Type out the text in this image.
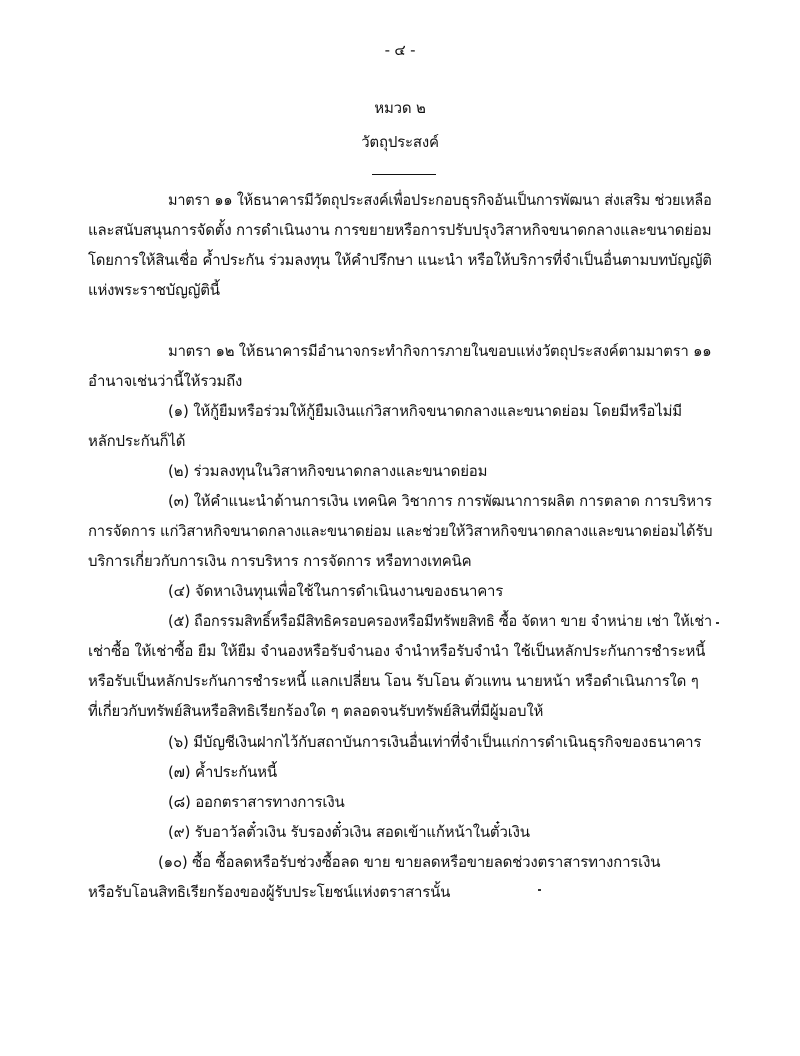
- ๔ -
หมวด ๒
วัตถุประสงค์
มาตรา ๑๑ ให้ธนาคารมีวัตถุประสงค์เพื่อประกอบธุรกิจอันเป็นการพัฒนา ส่งเสริม ช่วยเหลือ
และสนับสนุนการจัดตั้ง การดำเนินงาน การขยายหรือการปรับปรุงวิสาหกิจขนาดกลางและขนาดย่อม
โดยการให้สินเชื่อ ค้ำประกัน ร่วมลงทุน ให้คำปรึกษา แนะนำ หรือให้บริการที่จำเป็นอื่นตามบทบัญญัติ
แห่งพระราชบัญญัตินี้
มาตรา ๑๒ ให้ธนาคารมีอำนาจกระทำกิจการภายในขอบแห่งวัตถุประสงค์ตามมาตรา ๑๑
อำนาจเช่นว่านี้ให้รวมถึง
(๑) ให้กู้ยืมหรือร่วมให้กู้ยืมเงินแก่วิสาหกิจขนาดกลางและขนาดย่อม โดยมีหรือไม่มี
หลักประกันก็ได้
(๒) ร่วมลงทุนในวิสาหกิจขนาดกลางและขนาดย่อม
(๓) ให้คำแนะนำด้านการเงิน เทคนิค วิชาการ การพัฒนาการผลิต การตลาด การบริหาร
การจัดการ แก่วิสาหกิจขนาดกลางและขนาดย่อม และช่วยให้วิสาหกิจขนาดกลางและขนาดย่อมได้รับ
บริการเกี่ยวกับการเงิน การบริหาร การจัดการ หรือทางเทคนิค
(๔) จัดหาเงินทุนเพื่อใช้ในการดำเนินงานของธนาคาร
(๕) ถือกรรมสิทธิ์หรือมีสิทธิครอบครองหรือมีทรัพยสิทธิ ซื้อ จัดหา ขาย จำหน่าย เช่า ให้เช่า
เช่าซื้อ ให้เช่าซื้อ ยืม ให้ยืม จำนองหรือรับจำนอง จำนำหรือรับจำนำ ใช้เป็นหลักประกันการชำระหนี้
หรือรับเป็นหลักประกันการชำระหนี้ แลกเปลี่ยน โอน รับโอน ตัวแทน นายหน้า หรือดำเนินการใด ๆ
ที่เกี่ยวกับทรัพย์สินหรือสิทธิเรียกร้องใด ๆ ตลอดจนรับทรัพย์สินที่มีผู้มอบให้
(๖) มีบัญชีเงินฝากไว้กับสถาบันการเงินอื่นเท่าที่จำเป็นแก่การดำเนินธุรกิจของธนาคาร
(๗) ค้ำประกันหนี้
(๘) ออกตราสารทางการเงิน
(๙) รับอาวัลตั๋วเงิน รับรองตั๋วเงิน สอดเข้าแก้หน้าในตั๋วเงิน
(๑๐) ซื้อ ซื้อลดหรือรับช่วงซื้อลด ขาย ขายลดหรือขายลดช่วงตราสารทางการเงิน
หรือรับโอนสิทธิเรียกร้องของผู้รับประโยชน์แห่งตราสารนั้น
